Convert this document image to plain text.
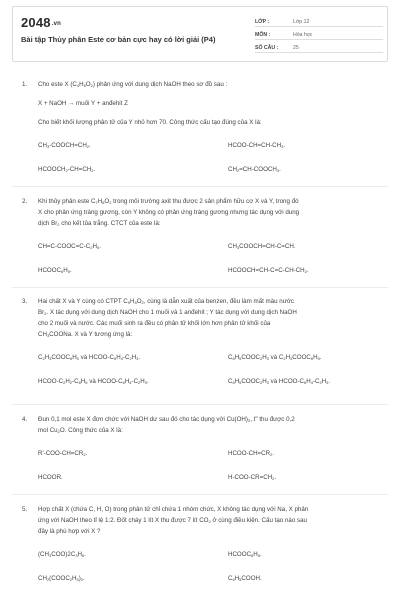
2048.vn
Bài tập Thủy phân Este cơ bản cực hay có lời giải (P4)
LỚP :	Lớp 12
MÔN :	Hóa học
SỐ CÂU :	25
1. Cho este X $(C_4H_6O_2)$ phản ứng với dung dịch NaOH theo sơ đồ sau :
X + NaOH → muối Y + anđehit Z
Cho biết khối lượng phân tử của Y nhỏ hơn 70. Công thức cấu tạo đúng của X là:
$CH_3-COOCH=CH_2$.	HCOO-$CH=CH-CH_3$.
$HCOOCH_2-CH=CH_2$.	$CH_2=CH-COOCH_3$.
2. Khi thủy phân este $C_7H_6O_2$ trong môi trường axit thu được 2 sản phẩm hữu cơ X và Y, trong đó
X cho phản ứng tráng gương, còn Y không có phản ứng tráng gương nhưng tác dụng với dung
dịch $Br_2$ cho kết tủa trắng. CTCT của este là:
$CH=C-COOC=C-C_2H_5$.	$CH_3COOCH=CH-C=CH$.
$HCOOC_6H_5$.	$HCOOCH=CH-C=C-CH-CH_2$.
3. Hai chất X và Y cùng có CTPT $C_9H_8O_2$, cùng là dẫn xuất của benzen, đều làm mất màu nước
$Br_2$. X tác dụng với dung dịch NaOH cho 1 muối và 1 anđehit ; Y tác dụng với dung dịch NaOH
cho 2 muối và nước. Các muối sinh ra đều có phân tử khối lớn hơn phân tử khối của
$CH_3COONa$. X và Y tương ứng là:
$C_2H_3COOC_6H_5$ và HCOO-$C_6H_4-C_2H_3$.	$C_6H_5COOC_2H_3$ và $C_2H_3COOC_6H_5$.
HCOO-$C_2H_2-C_6H_5$ và HCOO-$C_6H_4-C_2H_3$.	$C_6H_5COOC_2H_3$ và HCOO-$C_6H_4-C_2H_3$.
4. Đun 0,1 mol este X đơn chức với NaOH dư sau đó cho tác dụng với $Cu(OH)_2$, $t^o$ thu được 0,2
mol $Cu_2O$. Công thức của X là:
$R'-COO-CH=CR_2$.	HCOO-$CH=CR_2$.
HCOOR.	$H-COO-CR=CH_2$.
5. Hợp chất X (chứa C, H, O) trong phân tử chỉ chứa 1 nhóm chức, X không tác dụng với Na, X phản
ứng với NaOH theo tỉ lệ 1:2. Đốt cháy 1 lít X thu được 7 lít $CO_2$ ở cùng điều kiện. Cấu tạo nào sau
đây là phù hợp với X ?
$(CH_3COO)2C_3H_6$.	$HCOOC_6H_5$.
$CH_2(COOC_2H_5)_2$.	$C_6H_5COOH$.
